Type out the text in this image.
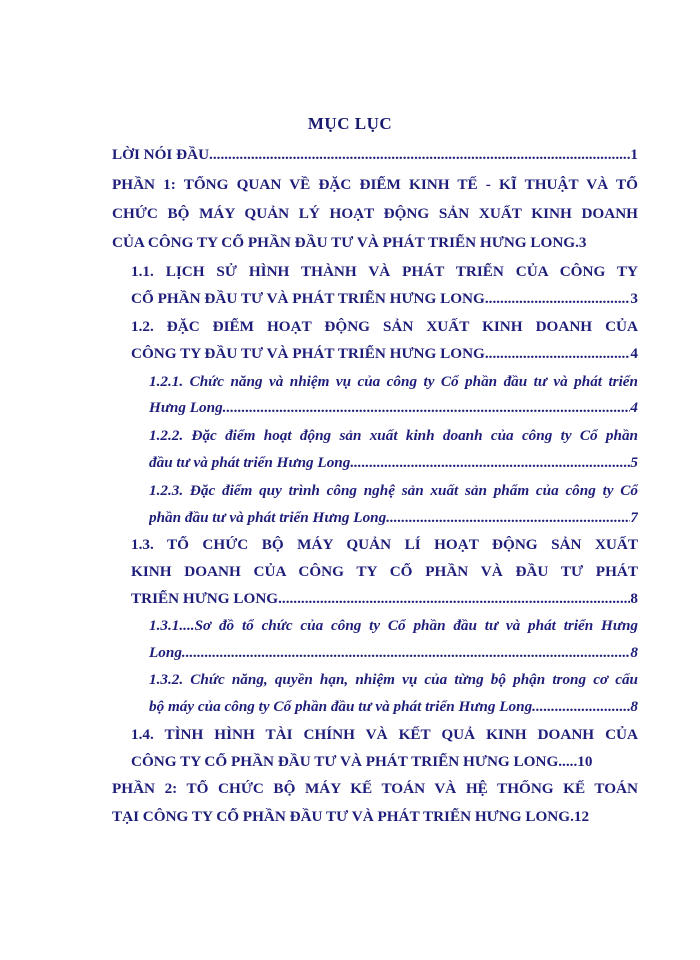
MỤC LỤC
LỜI NÓI ĐẦU .....	1
PHẦN 1: TỔNG QUAN VỀ ĐẶC ĐIỂM KINH TẾ - KĨ THUẬT VÀ TỔ
CHỨC BỘ MÁY QUẢN LÝ HOẠT ĐỘNG SẢN XUẤT KINH DOANH
CỦA CÔNG TY CỔ PHẦN ĐẦU TƯ VÀ PHÁT TRIỂN HƯNG LONG. 3
1.1. LỊCH SỬ HÌNH THÀNH VÀ PHÁT TRIỂN CỦA CÔNG TY
CỔ PHẦN ĐẦU TƯ VÀ PHÁT TRIỂN HƯNG LONG. .....	3
1.2. ĐẶC ĐIỂM HOẠT ĐỘNG SẢN XUẤT KINH DOANH CỦA
CÔNG TY ĐẦU TƯ VÀ PHÁT TRIỂN HƯNG LONG. .....	4
1.2.1. Chức năng và nhiệm vụ của công ty Cổ phần đầu tư và phát triển
Hưng Long. .....	4
1.2.2. Đặc điểm hoạt động sản xuất kinh doanh của công ty Cổ phần
đầu tư và phát triển Hưng Long. .....	5
1.2.3. Đặc điểm quy trình công nghệ sản xuất sản phẩm của công ty Cổ
phần đầu tư và phát triển Hưng Long. .....	7
1.3. TỔ CHỨC BỘ MÁY QUẢN LÍ HOẠT ĐỘNG SẢN XUẤT
KINH DOANH CỦA CÔNG TY CỔ PHẦN VÀ ĐẦU TƯ PHÁT
TRIỂN HƯNG LONG .....	8
1.3.1....Sơ đồ tổ chức của công ty Cổ phần đầu tư và phát triển Hưng
Long. .....	8
1.3.2. Chức năng, quyền hạn, nhiệm vụ của từng bộ phận trong cơ cấu
bộ máy của công ty Cổ phần đầu tư và phát triển Hưng Long. .....	8
1.4. TÌNH HÌNH TÀI CHÍNH VÀ KẾT QUẢ KINH DOANH CỦA
CÔNG TY CỔ PHẦN ĐẦU TƯ VÀ PHÁT TRIỂN HƯNG LONG..... 10
PHẦN 2: TỔ CHỨC BỘ MÁY KẾ TOÁN VÀ HỆ THỐNG KẾ TOÁN
TẠI CÔNG TY CỔ PHẦN ĐẦU TƯ VÀ PHÁT TRIỂN HƯNG LONG. 12
